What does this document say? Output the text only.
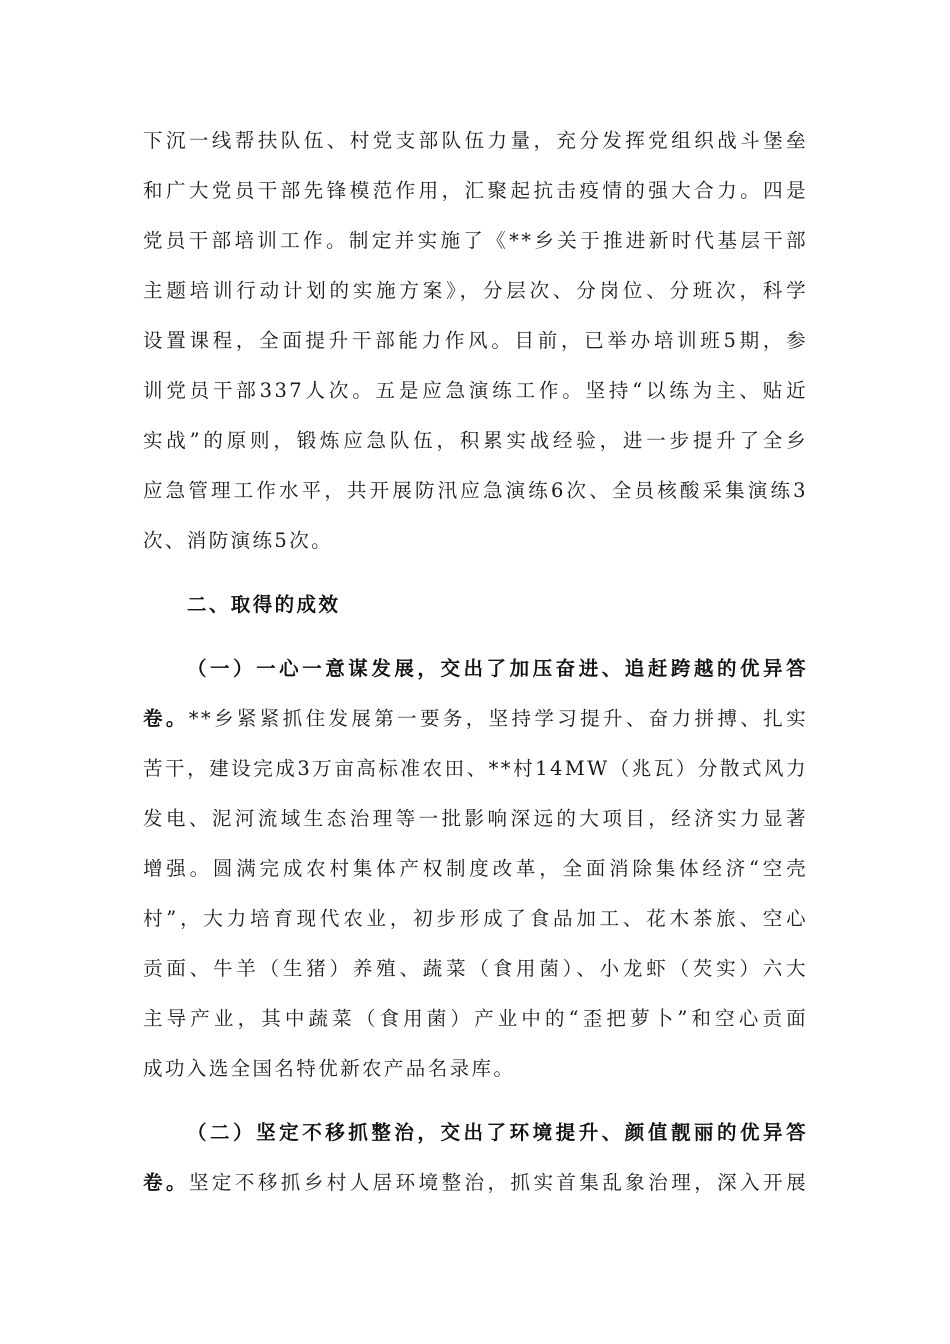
下沉一线帮扶队伍、村党支部队伍力量，充分发挥党组织战斗堡垒
和广大党员干部先锋模范作用，汇聚起抗击疫情的强大合力。四是
党员干部培训工作。制定并实施了《**乡关于推进新时代基层干部
主题培训行动计划的实施方案》，分层次、分岗位、分班次，科学
设置课程，全面提升干部能力作风。目前，已举办培训班5期，参
训党员干部337人次。五是应急演练工作。坚持“以练为主、贴近
实战”的原则，锻炼应急队伍，积累实战经验，进一步提升了全乡
应急管理工作水平，共开展防汛应急演练6次、全员核酸采集演练3
次、消防演练5次。
二、取得的成效
（一）一心一意谋发展，交出了加压奋进、追赶跨越的优异答
卷。**乡紧紧抓住发展第一要务，坚持学习提升、奋力拼搏、扎实
苦干，建设完成3万亩高标准农田、**村14MW（兆瓦）分散式风力
发电、泥河流域生态治理等一批影响深远的大项目，经济实力显著
增强。圆满完成农村集体产权制度改革，全面消除集体经济“空壳
村”，大力培育现代农业，初步形成了食品加工、花木茶旅、空心
贡面、牛羊（生猪）养殖、蔬菜（食用菌）、小龙虾（芡实）六大
主导产业，其中蔬菜（食用菌）产业中的“歪把萝卜”和空心贡面
成功入选全国名特优新农产品名录库。
（二）坚定不移抓整治，交出了环境提升、颜值靓丽的优异答
卷。坚定不移抓乡村人居环境整治，抓实首集乱象治理，深入开展
